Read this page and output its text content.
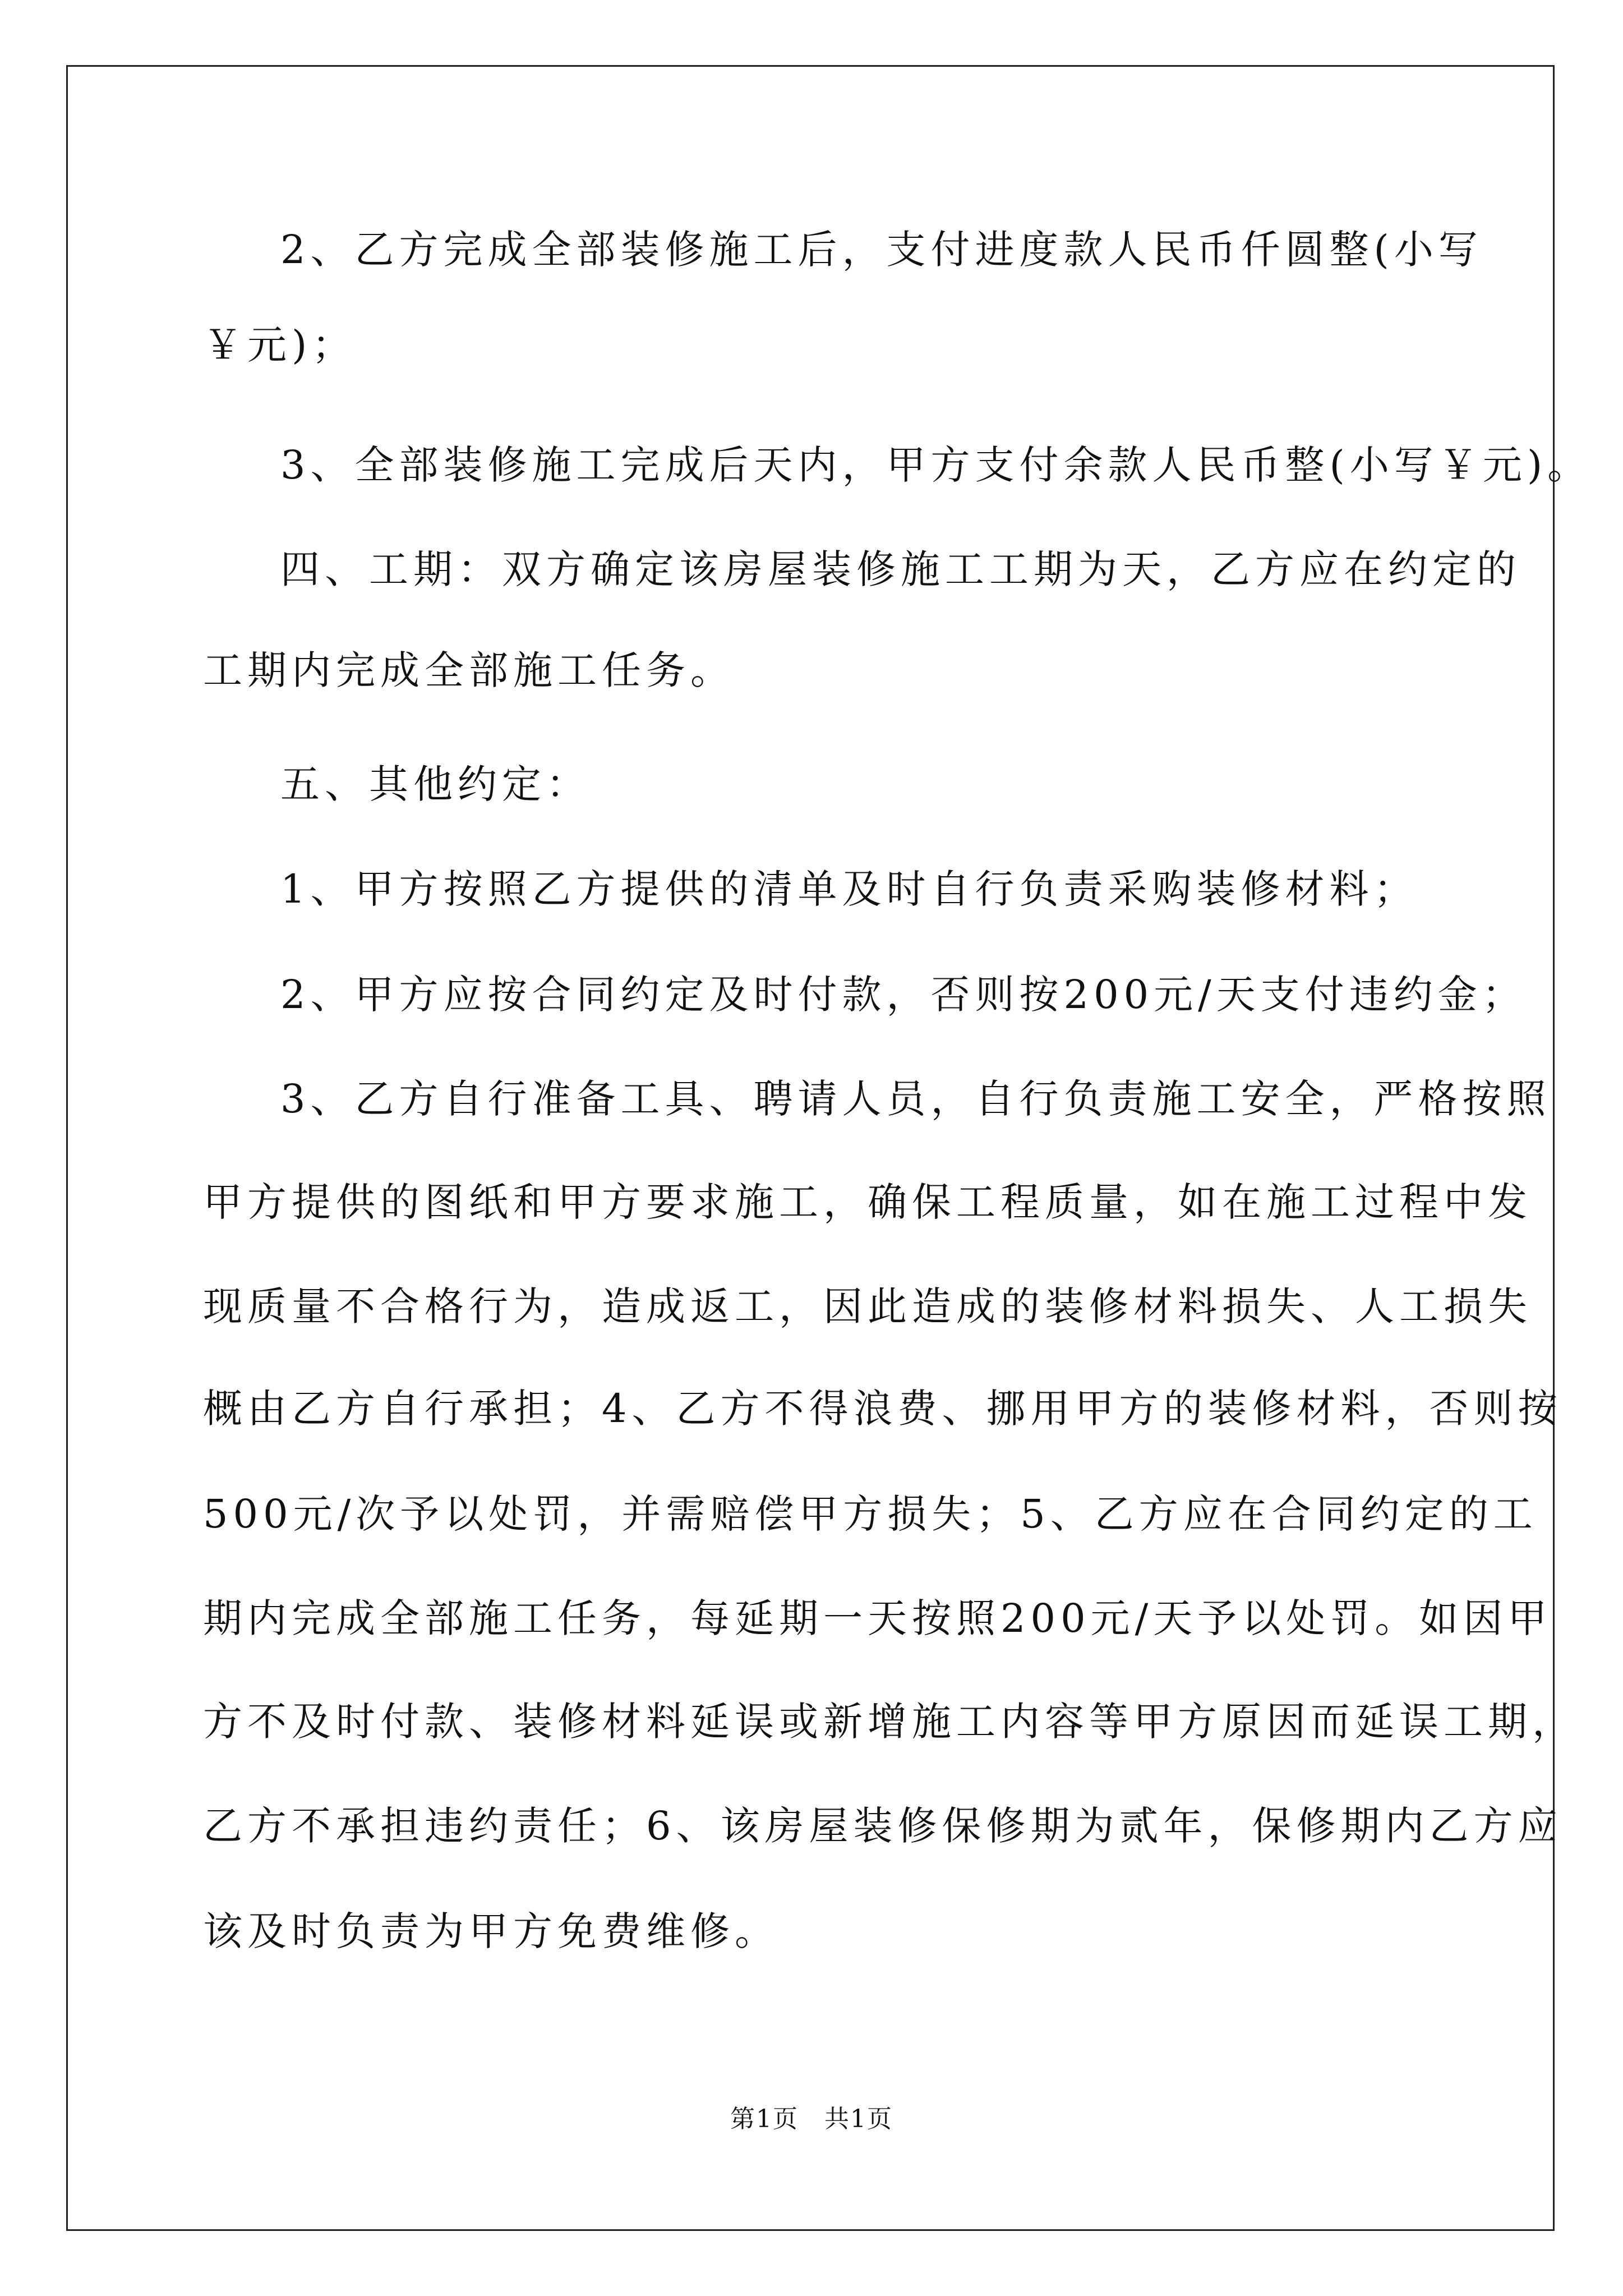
2、乙方完成全部装修施工后，支付进度款人民币仟圆整(小写
￥元)；
3、全部装修施工完成后天内，甲方支付余款人民币整(小写￥元)。
四、工期：双方确定该房屋装修施工工期为天，乙方应在约定的
工期内完成全部施工任务。
五、其他约定：
1、甲方按照乙方提供的清单及时自行负责采购装修材料；
2、甲方应按合同约定及时付款，否则按200元/天支付违约金；
3、乙方自行准备工具、聘请人员，自行负责施工安全，严格按照
甲方提供的图纸和甲方要求施工，确保工程质量，如在施工过程中发
现质量不合格行为，造成返工，因此造成的装修材料损失、人工损失
概由乙方自行承担；4、乙方不得浪费、挪用甲方的装修材料，否则按
500元/次予以处罚，并需赔偿甲方损失；5、乙方应在合同约定的工
期内完成全部施工任务，每延期一天按照200元/天予以处罚。如因甲
方不及时付款、装修材料延误或新增施工内容等甲方原因而延误工期，
乙方不承担违约责任；6、该房屋装修保修期为贰年，保修期内乙方应
该及时负责为甲方免费维修。
第1页　共1页
